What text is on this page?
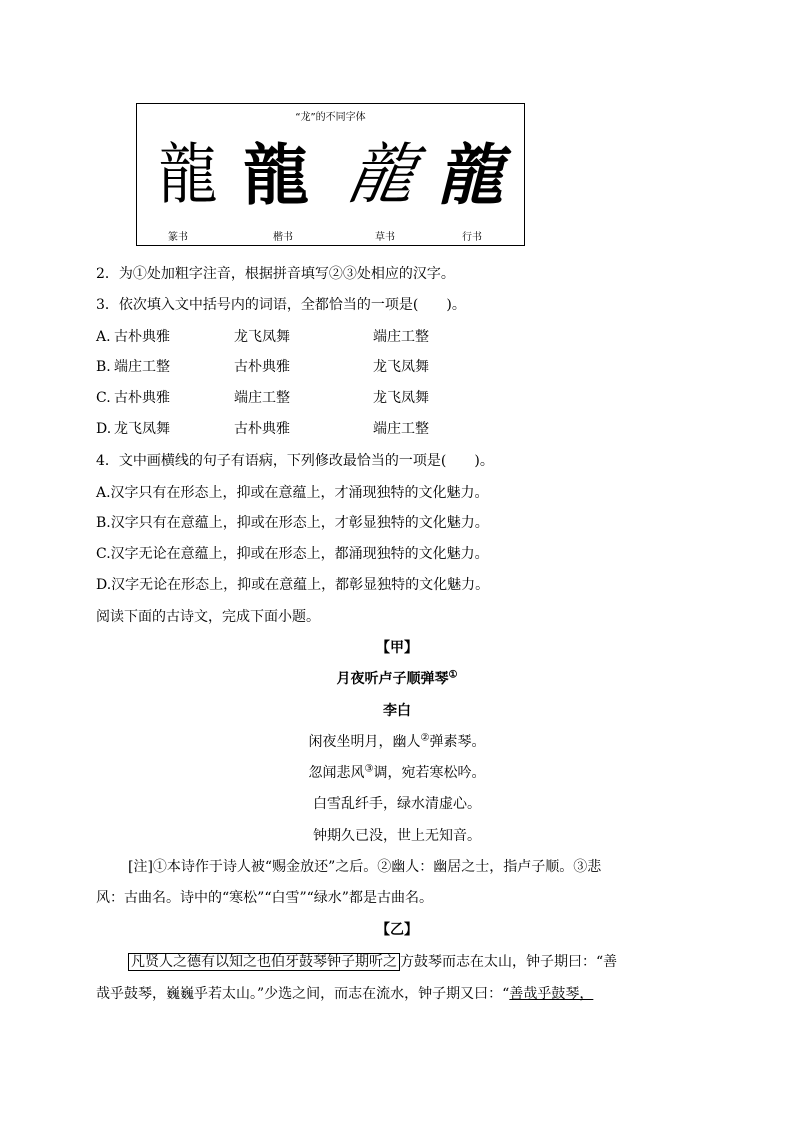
“龙”的不同字体
龍 龍 龍 龍
篆书	楷书	草书	行书
2．为①处加粗字注音，根据拼音填写②③处相应的汉字。
3．依次填入文中括号内的词语，全都恰当的一项是(　　)。
A. 古朴典雅	龙飞凤舞	端庄工整
B. 端庄工整	古朴典雅	龙飞凤舞
C. 古朴典雅	端庄工整	龙飞凤舞
D. 龙飞凤舞	古朴典雅	端庄工整
4．文中画横线的句子有语病，下列修改最恰当的一项是(　　)。
A.汉字只有在形态上，抑或在意蕴上，才涌现独特的文化魅力。
B.汉字只有在意蕴上，抑或在形态上，才彰显独特的文化魅力。
C.汉字无论在意蕴上，抑或在形态上，都涌现独特的文化魅力。
D.汉字无论在形态上，抑或在意蕴上，都彰显独特的文化魅力。
阅读下面的古诗文，完成下面小题。
【甲】
月夜听卢子顺弹琴①
李白
闲夜坐明月，幽人②弹素琴。
忽闻悲风③调，宛若寒松吟。
白雪乱纤手，绿水清虚心。
钟期久已没，世上无知音。
[注]①本诗作于诗人被“赐金放还”之后。②幽人：幽居之士，指卢子顺。③悲
风：古曲名。诗中的“寒松”“白雪”“绿水”都是古曲名。
【乙】
凡贤人之德有以知之也伯牙鼓琴钟子期听之 方鼓琴而志在太山，钟子期曰：“善
哉乎鼓琴，巍巍乎若太山。”少选之间，而志在流水，钟子期又曰：“善哉乎鼓琴，
